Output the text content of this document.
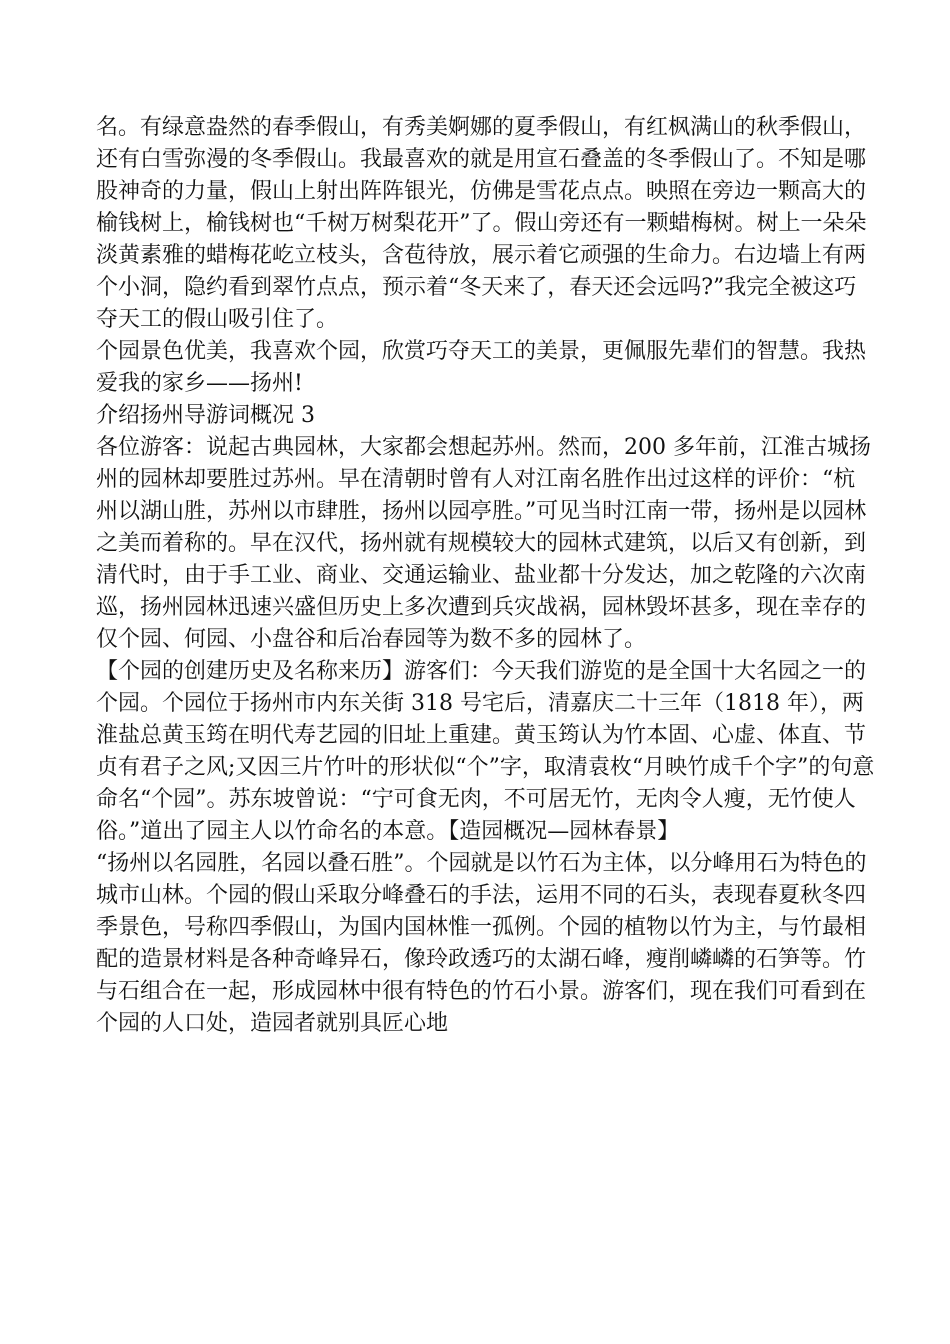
名。有绿意盎然的春季假山，有秀美婀娜的夏季假山，有红枫满山的秋季假山，还有白雪弥漫的冬季假山。我最喜欢的就是用宣石叠盖的冬季假山了。不知是哪股神奇的力量，假山上射出阵阵银光，仿佛是雪花点点。映照在旁边一颗高大的榆钱树上，榆钱树也“千树万树梨花开”了。假山旁还有一颗蜡梅树。树上一朵朵淡黄素雅的蜡梅花屹立枝头，含苞待放，展示着它顽强的生命力。右边墙上有两个小洞，隐约看到翠竹点点，预示着“冬天来了，春天还会远吗?”我完全被这巧夺天工的假山吸引住了。

个园景色优美，我喜欢个园，欣赏巧夺天工的美景，更佩服先辈们的智慧。我热爱我的家乡——扬州!

介绍扬州导游词概况 3

各位游客：说起古典园林，大家都会想起苏州。然而，200 多年前，江淮古城扬州的园林却要胜过苏州。早在清朝时曾有人对江南名胜作出过这样的评价：“杭州以湖山胜，苏州以市肆胜，扬州以园亭胜。”可见当时江南一带，扬州是以园林之美而着称的。早在汉代，扬州就有规模较大的园林式建筑，以后又有创新，到清代时，由于手工业、商业、交通运输业、盐业都十分发达，加之乾隆的六次南巡，扬州园林迅速兴盛但历史上多次遭到兵灾战祸，园林毁坏甚多，现在幸存的仅个园、何园、小盘谷和后冶春园等为数不多的园林了。

【个园的创建历史及名称来历】游客们：今天我们游览的是全国十大名园之一的个园。个园位于扬州市内东关街 318 号宅后，清嘉庆二十三年（1818 年），两淮盐总黄玉筠在明代寿艺园的旧址上重建。黄玉筠认为竹本固、心虚、体直、节贞有君子之风;又因三片竹叶的形状似“个”字，取清袁枚“月映竹成千个字”的句意命名“个园”。苏东坡曾说：“宁可食无肉，不可居无竹，无肉令人瘦，无竹使人俗。”道出了园主人以竹命名的本意。【造园概况—园林春景】

“扬州以名园胜，名园以叠石胜”。个园就是以竹石为主体，以分峰用石为特色的城市山林。个园的假山采取分峰叠石的手法，运用不同的石头，表现春夏秋冬四季景色，号称四季假山，为国内国林惟一孤例。个园的植物以竹为主，与竹最相配的造景材料是各种奇峰异石，像玲政透巧的太湖石峰，瘦削嶙嶙的石笋等。竹与石组合在一起，形成园林中很有特色的竹石小景。游客们，现在我们可看到在个园的人口处，造园者就别具匠心地
